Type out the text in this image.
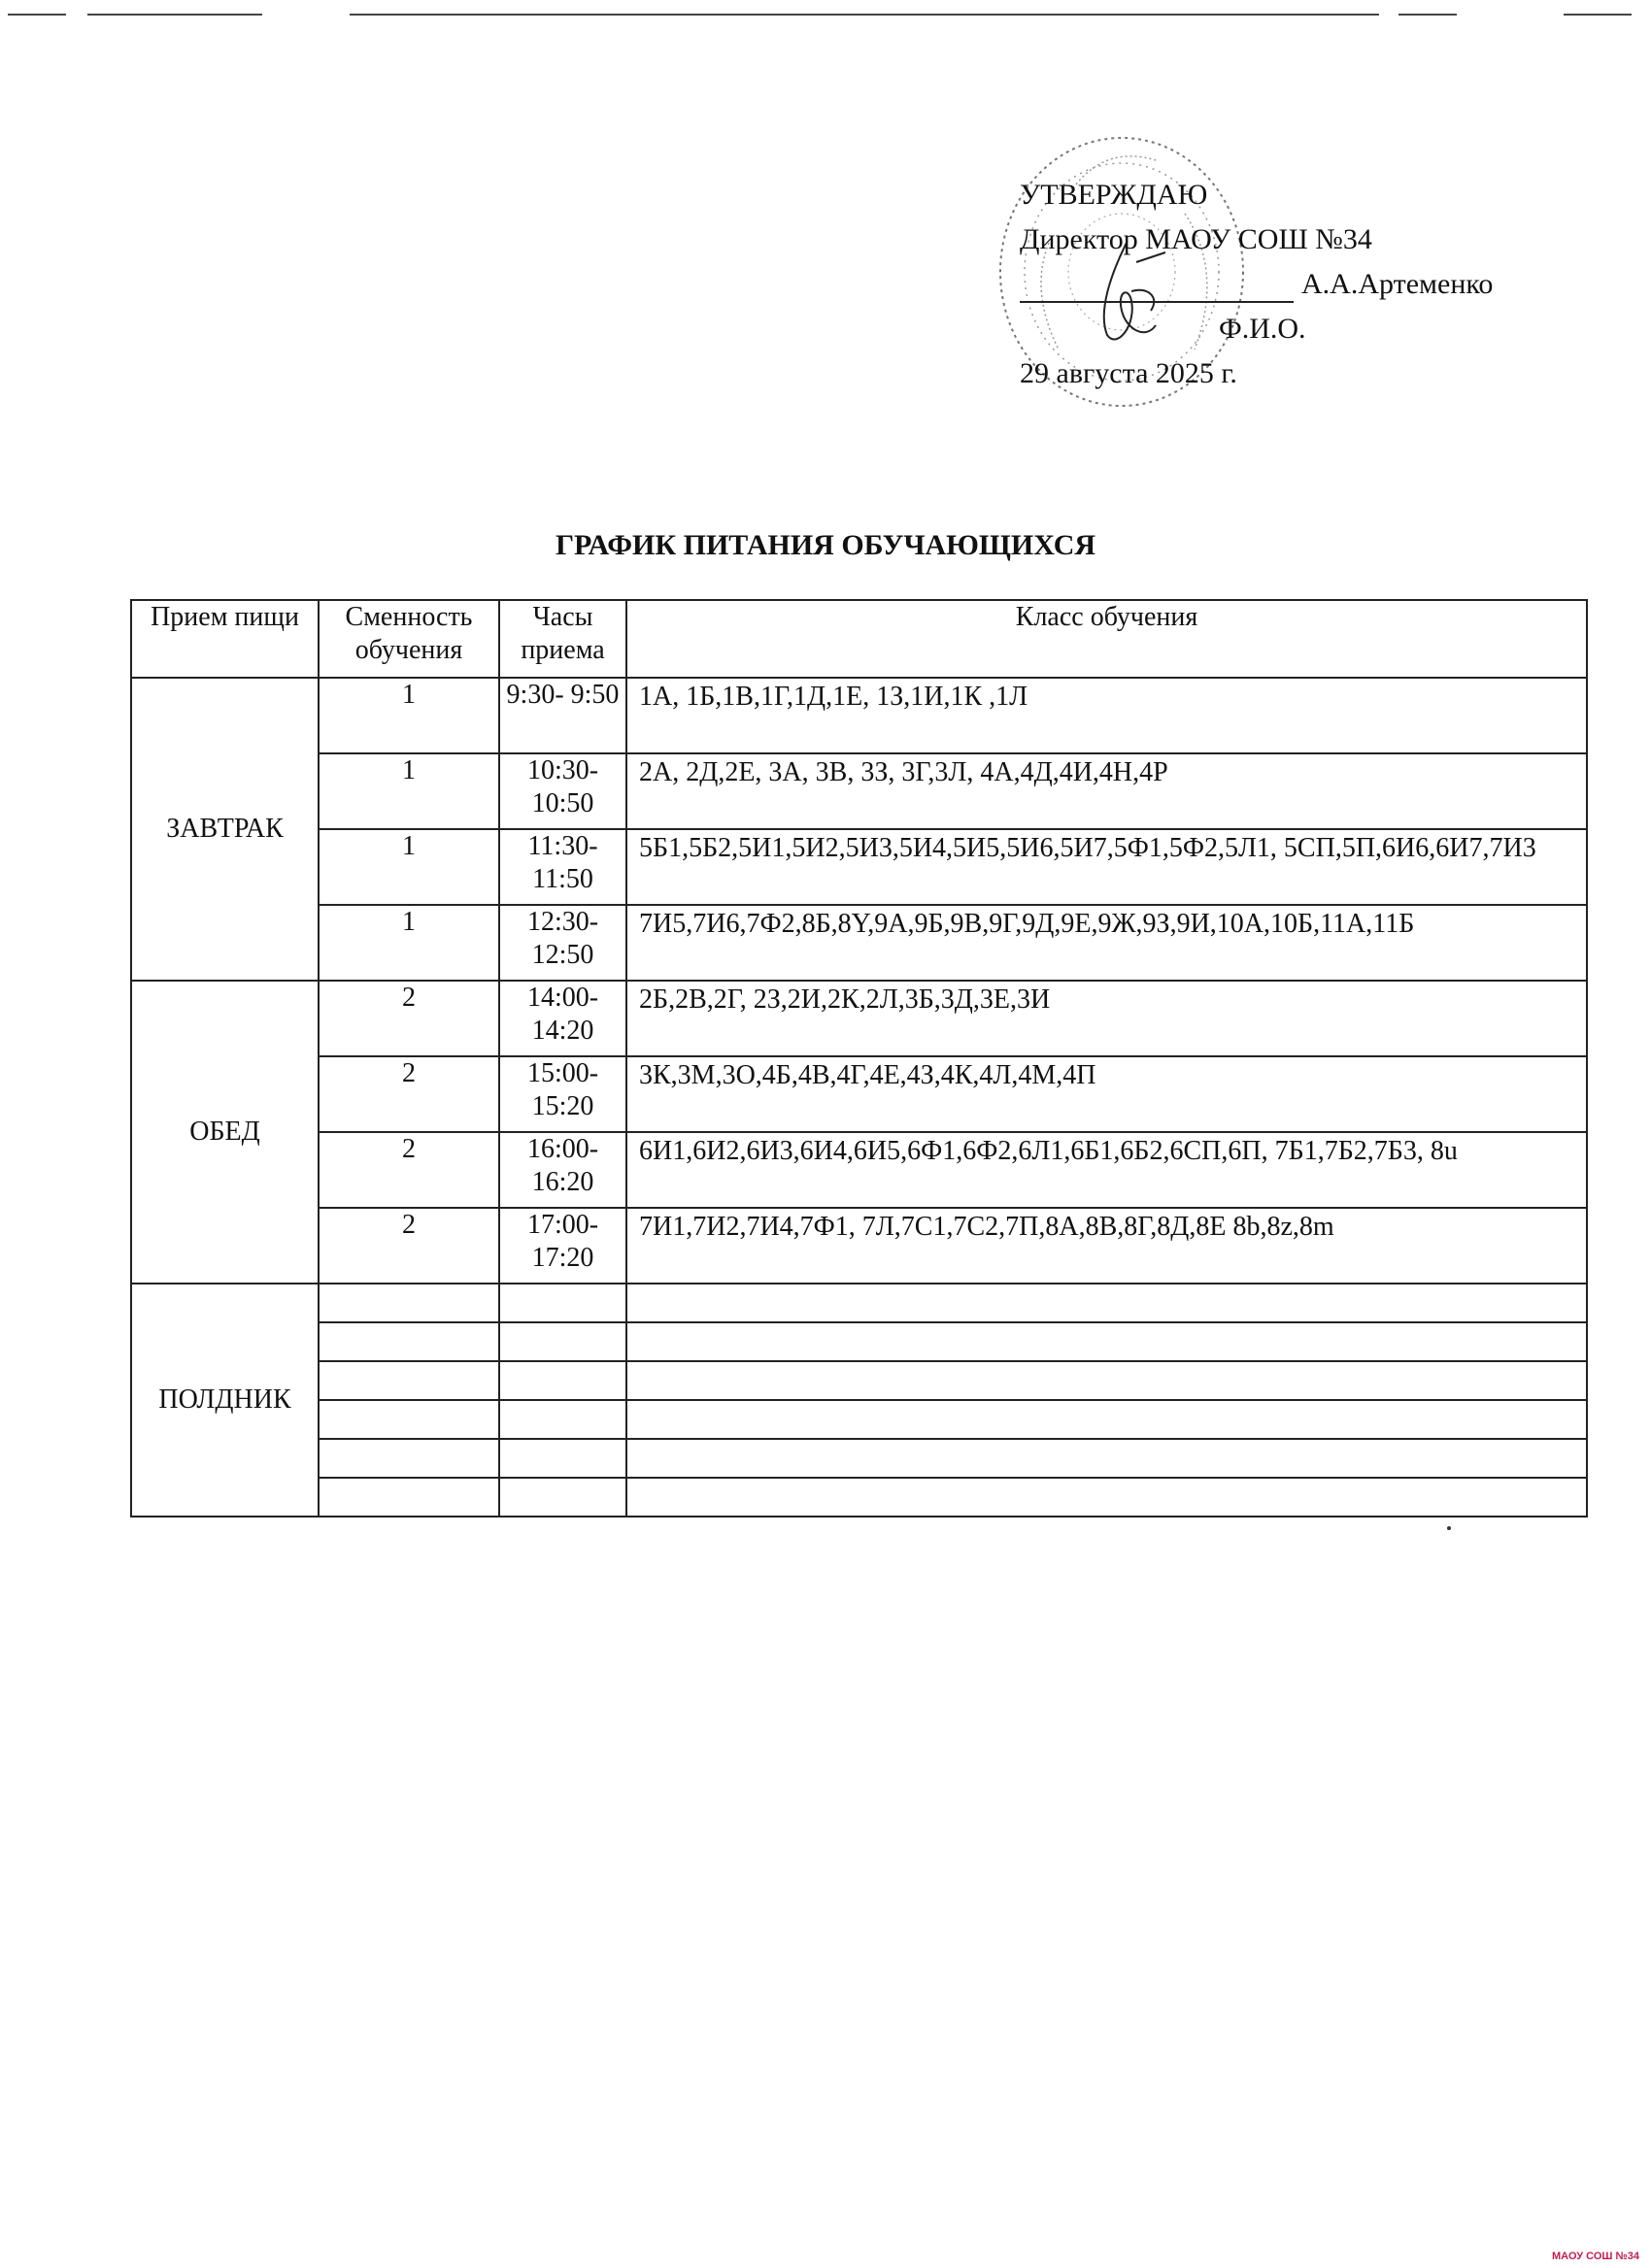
УТВЕРЖДАЮ
Директор МАОУ СОШ №34
А.А.Артеменко
Ф.И.О.
29 августа 2025 г.
ГРАФИК ПИТАНИЯ ОБУЧАЮЩИХСЯ
Прием пищи	Сменность обучения	Часы приема	Класс обучения
ЗАВТРАК	1	9:30- 9:50	1А, 1Б,1В,1Г,1Д,1Е, 1З,1И,1К ,1Л
	1	10:30- 10:50	2А, 2Д,2Е, 3А, 3В, 3З, 3Г,3Л, 4А,4Д,4И,4Н,4Р
	1	11:30- 11:50	5Б1,5Б2,5И1,5И2,5И3,5И4,5И5,5И6,5И7,5Ф1,5Ф2,5Л1, 5СП,5П,6И6,6И7,7И3
	1	12:30- 12:50	7И5,7И6,7Ф2,8Б,8Y,9А,9Б,9В,9Г,9Д,9Е,9Ж,9З,9И,10А,10Б,11А,11Б
ОБЕД	2	14:00- 14:20	2Б,2В,2Г, 2З,2И,2К,2Л,3Б,3Д,3Е,3И
	2	15:00- 15:20	3К,3М,3О,4Б,4В,4Г,4Е,4З,4К,4Л,4М,4П
	2	16:00- 16:20	6И1,6И2,6И3,6И4,6И5,6Ф1,6Ф2,6Л1,6Б1,6Б2,6СП,6П, 7Б1,7Б2,7Б3, 8u
	2	17:00- 17:20	7И1,7И2,7И4,7Ф1, 7Л,7С1,7С2,7П,8А,8В,8Г,8Д,8Е 8b,8z,8m
ПОЛДНИК			

МАОУ СОШ №34
